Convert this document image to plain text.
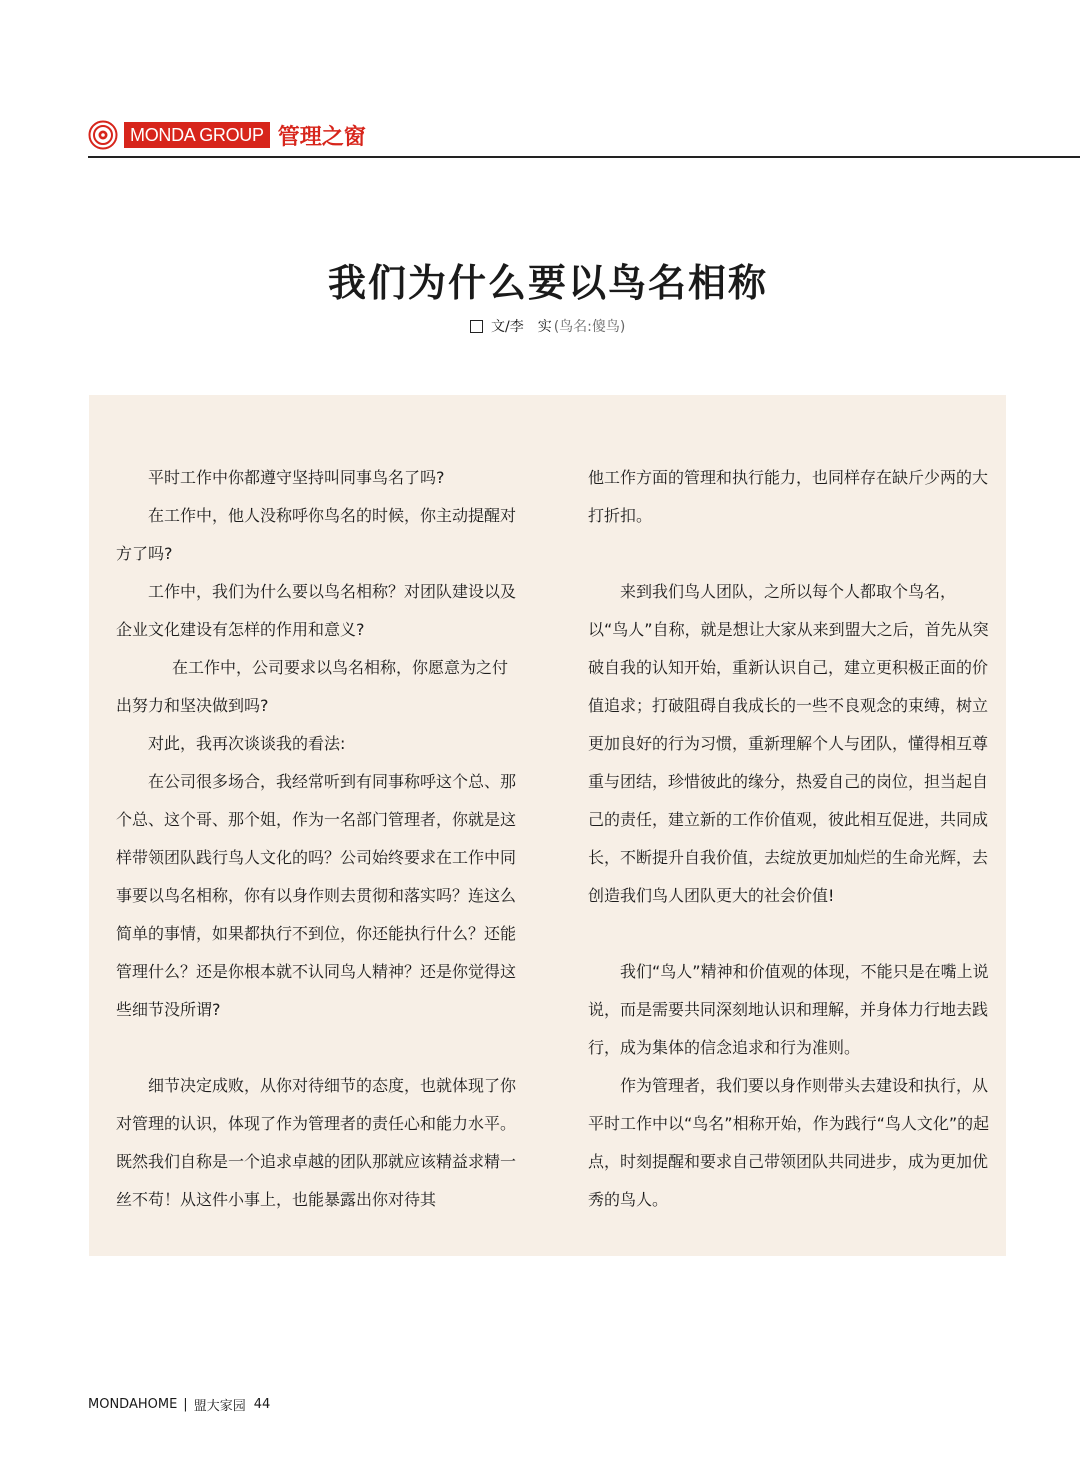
MONDA GROUP 管理之窗
我们为什么要以鸟名相称
文/李　实 (鸟名:傻鸟)

平时工作中你都遵守坚持叫同事鸟名了吗?

在工作中，他人没称呼你鸟名的时候，你主动提醒对方了吗?

工作中，我们为什么要以鸟名相称？对团队建设以及企业文化建设有怎样的作用和意义?

在工作中，公司要求以鸟名相称，你愿意为之付出努力和坚决做到吗?

对此，我再次谈谈我的看法:

在公司很多场合，我经常听到有同事称呼这个总、那个总、这个哥、那个姐，作为一名部门管理者，你就是这样带领团队践行鸟人文化的吗？公司始终要求在工作中同事要以鸟名相称，你有以身作则去贯彻和落实吗？连这么简单的事情，如果都执行不到位，你还能执行什么？还能管理什么？还是你根本就不认同鸟人精神？还是你觉得这些细节没所谓?

细节决定成败，从你对待细节的态度，也就体现了你对管理的认识，体现了作为管理者的责任心和能力水平。既然我们自称是一个追求卓越的团队那就应该精益求精一丝不苟！从这件小事上，也能暴露出你对待其

他工作方面的管理和执行能力，也同样存在缺斤少两的大打折扣。

来到我们鸟人团队，之所以每个人都取个鸟名，以“鸟人”自称，就是想让大家从来到盟大之后，首先从突破自我的认知开始，重新认识自己，建立更积极正面的价值追求；打破阻碍自我成长的一些不良观念的束缚，树立更加良好的行为习惯，重新理解个人与团队，懂得相互尊重与团结，珍惜彼此的缘分，热爱自己的岗位，担当起自己的责任，建立新的工作价值观，彼此相互促进，共同成长，不断提升自我价值，去绽放更加灿烂的生命光辉，去创造我们鸟人团队更大的社会价值!

我们“鸟人”精神和价值观的体现，不能只是在嘴上说说，而是需要共同深刻地认识和理解，并身体力行地去践行，成为集体的信念追求和行为准则。

作为管理者，我们要以身作则带头去建设和执行，从平时工作中以“鸟名”相称开始，作为践行“鸟人文化”的起点，时刻提醒和要求自己带领团队共同进步，成为更加优秀的鸟人。

MONDAHOME | 盟大家园 44
